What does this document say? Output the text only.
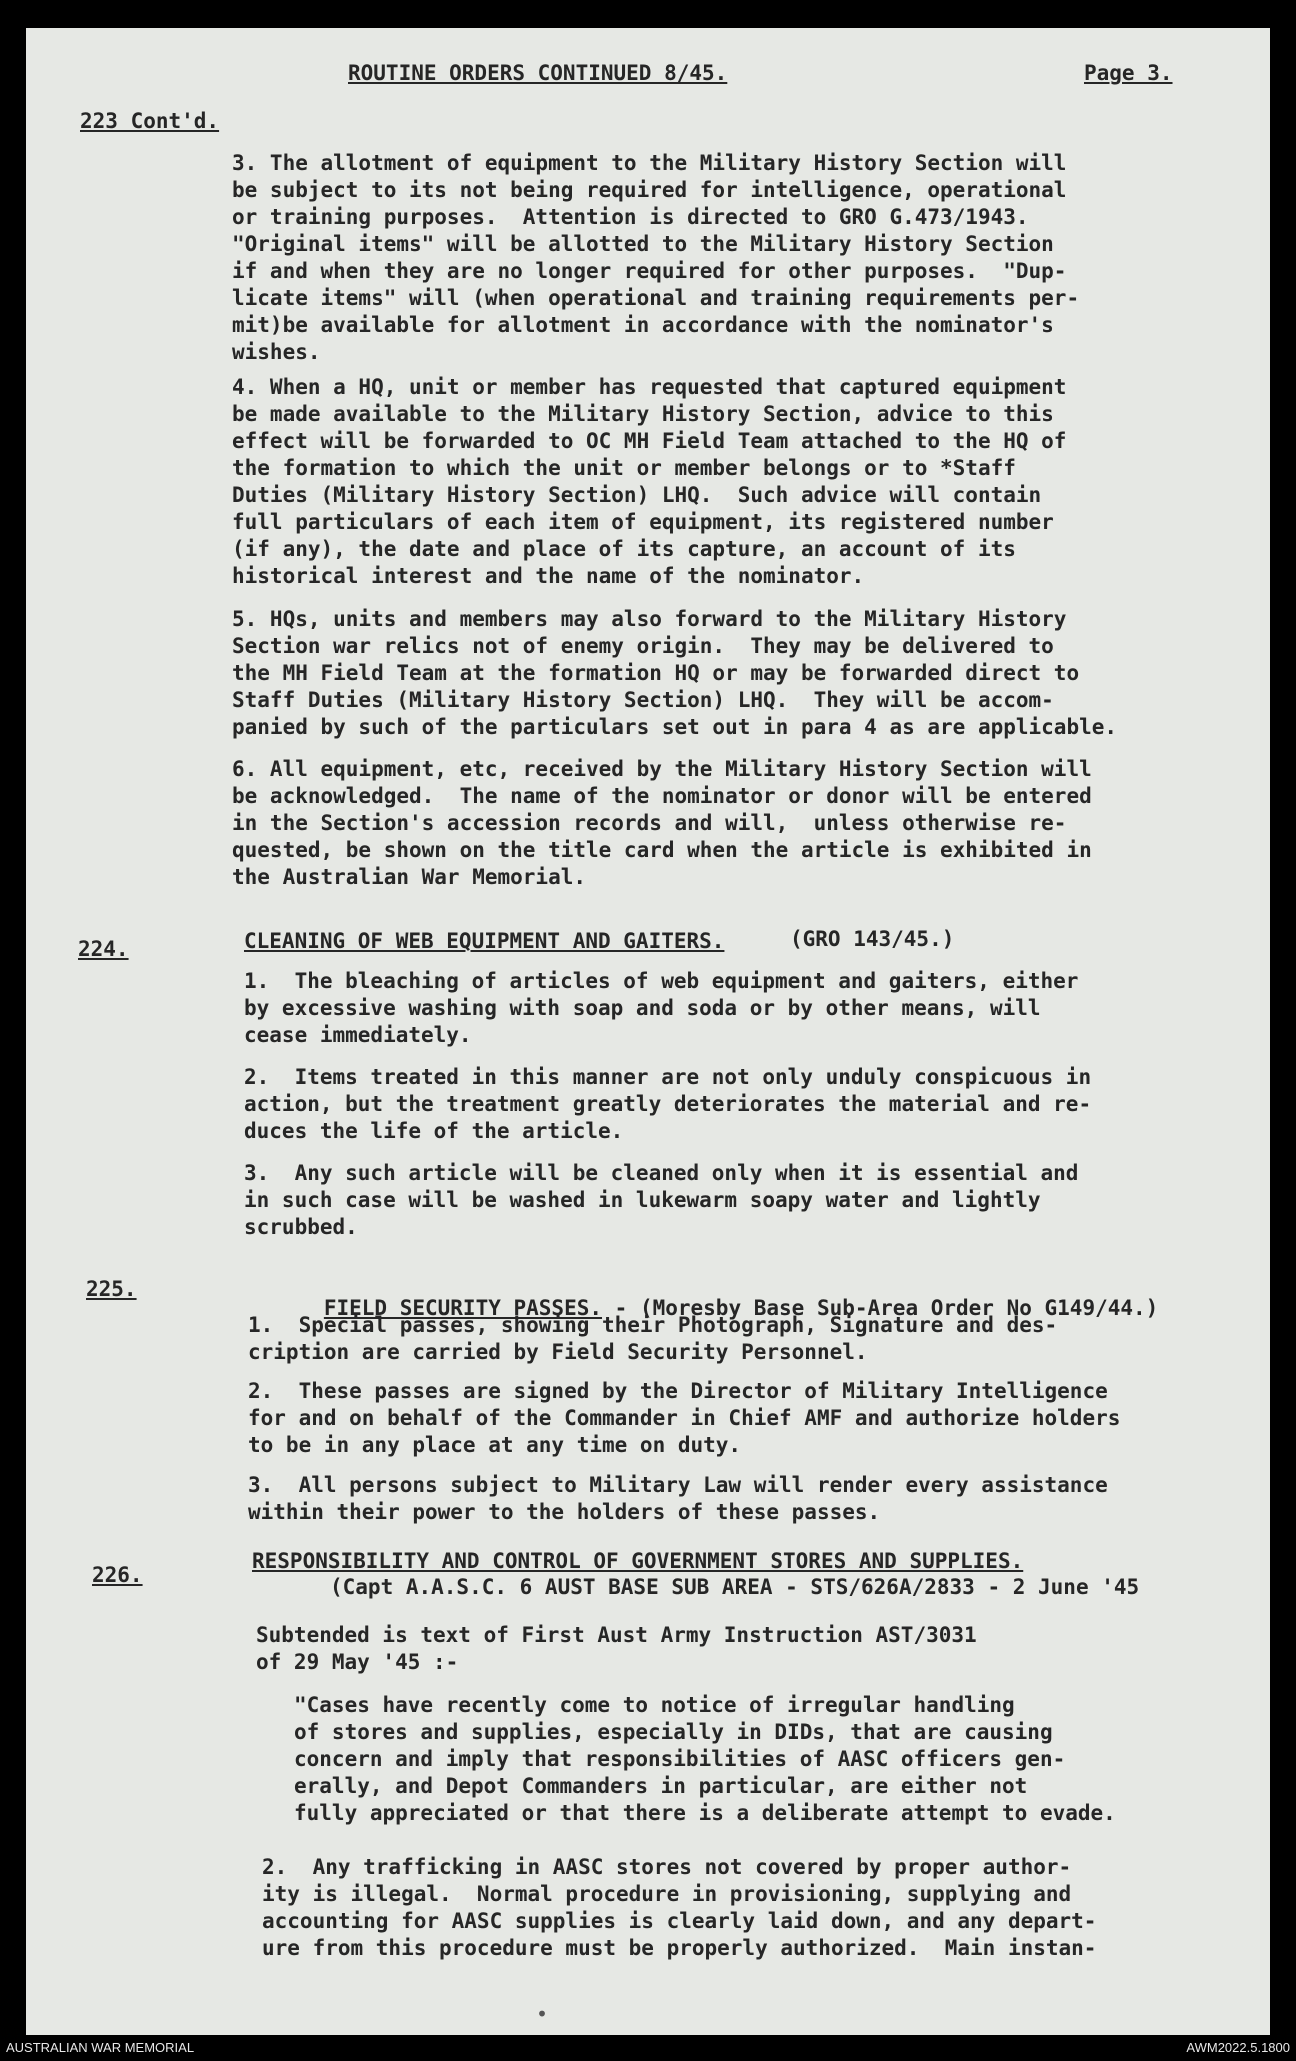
ROUTINE ORDERS CONTINUED 8/45.	Page 3.
223 Cont'd.
3. The allotment of equipment to the Military History Section will
be subject to its not being required for intelligence, operational
or training purposes.  Attention is directed to GRO G.473/1943.
"Original items" will be allotted to the Military History Section
if and when they are no longer required for other purposes.  "Dup-
licate items" will (when operational and training requirements per-
mit)be available for allotment in accordance with the nominator's
wishes.
4. When a HQ, unit or member has requested that captured equipment
be made available to the Military History Section, advice to this
effect will be forwarded to OC MH Field Team attached to the HQ of
the formation to which the unit or member belongs or to *Staff
Duties (Military History Section) LHQ.  Such advice will contain
full particulars of each item of equipment, its registered number
(if any), the date and place of its capture, an account of its
historical interest and the name of the nominator.
5. HQs, units and members may also forward to the Military History
Section war relics not of enemy origin.  They may be delivered to
the MH Field Team at the formation HQ or may be forwarded direct to
Staff Duties (Military History Section) LHQ.  They will be accom-
panied by such of the particulars set out in para 4 as are applicable.
6. All equipment, etc, received by the Military History Section will
be acknowledged.  The name of the nominator or donor will be entered
in the Section's accession records and will,  unless otherwise re-
quested, be shown on the title card when the article is exhibited in
the Australian War Memorial.
224.	CLEANING OF WEB EQUIPMENT AND GAITERS.	(GRO 143/45.)
1.  The bleaching of articles of web equipment and gaiters, either
by excessive washing with soap and soda or by other means, will
cease immediately.
2.  Items treated in this manner are not only unduly conspicuous in
action, but the treatment greatly deteriorates the material and re-
duces the life of the article.
3.  Any such article will be cleaned only when it is essential and
in such case will be washed in lukewarm soapy water and lightly
scrubbed.
225.

FIELD SECURITY PASSES. - (Moresby Base Sub-Area Order No G149/44.)

1.  Special passes, showing their Photograph, Signature and des-
cription are carried by Field Security Personnel.
2.  These passes are signed by the Director of Military Intelligence
for and on behalf of the Commander in Chief AMF and authorize holders
to be in any place at any time on duty.
3.  All persons subject to Military Law will render every assistance
within their power to the holders of these passes.
226.
RESPONSIBILITY AND CONTROL OF GOVERNMENT STORES AND SUPPLIES.
(Capt A.A.S.C. 6 AUST BASE SUB AREA - STS/626A/2833 - 2 June '45
Subtended is text of First Aust Army Instruction AST/3031
of 29 May '45 :-
"Cases have recently come to notice of irregular handling
of stores and supplies, especially in DIDs, that are causing
concern and imply that responsibilities of AASC officers gen-
erally, and Depot Commanders in particular, are either not
fully appreciated or that there is a deliberate attempt to evade.
2.  Any trafficking in AASC stores not covered by proper author-
ity is illegal.  Normal procedure in provisioning, supplying and
accounting for AASC supplies is clearly laid down, and any depart-
ure from this procedure must be properly authorized.  Main instan-
•
AUSTRALIAN WAR MEMORIAL	AWM2022.5.1800
